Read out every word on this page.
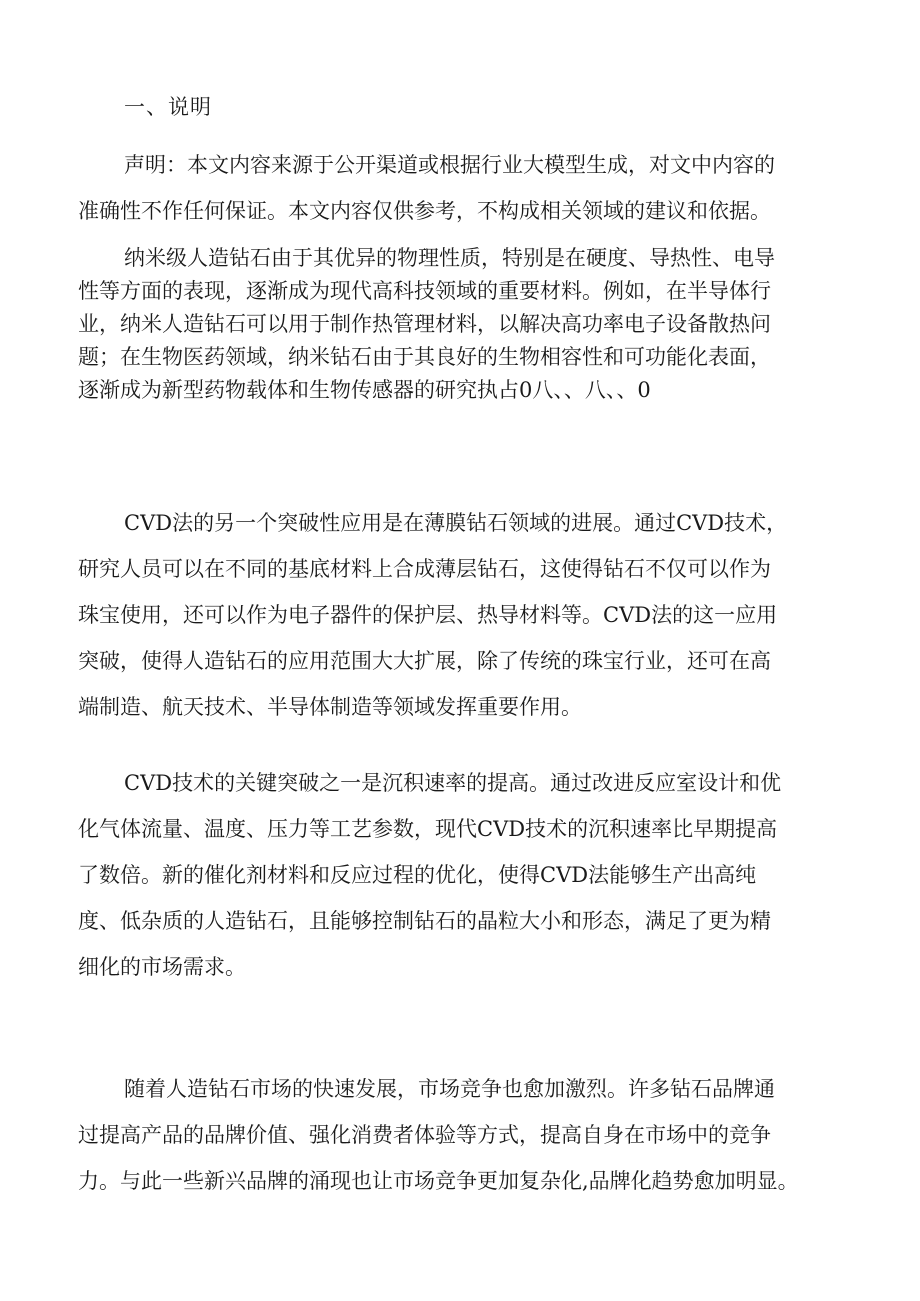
一、说明
声明：本文内容来源于公开渠道或根据行业大模型生成，对文中内容的
准确性不作任何保证。本文内容仅供参考，不构成相关领域的建议和依据。
纳米级人造钻石由于其优异的物理性质，特别是在硬度、导热性、电导
性等方面的表现，逐渐成为现代高科技领域的重要材料。例如，在半导体行
业，纳米人造钻石可以用于制作热管理材料，以解决高功率电子设备散热问
题；在生物医药领域，纳米钻石由于其良好的生物相容性和可功能化表面，
逐渐成为新型药物载体和生物传感器的研究执占0八、、八、、0
CVD法的另一个突破性应用是在薄膜钻石领域的进展。通过CVD技术，
研究人员可以在不同的基底材料上合成薄层钻石，这使得钻石不仅可以作为
珠宝使用，还可以作为电子器件的保护层、热导材料等。CVD法的这一应用
突破，使得人造钻石的应用范围大大扩展，除了传统的珠宝行业，还可在高
端制造、航天技术、半导体制造等领域发挥重要作用。
CVD技术的关键突破之一是沉积速率的提高。通过改进反应室设计和优
化气体流量、温度、压力等工艺参数，现代CVD技术的沉积速率比早期提高
了数倍。新的催化剂材料和反应过程的优化，使得CVD法能够生产出高纯
度、低杂质的人造钻石，且能够控制钻石的晶粒大小和形态，满足了更为精
细化的市场需求。
随着人造钻石市场的快速发展，市场竞争也愈加激烈。许多钻石品牌通
过提高产品的品牌价值、强化消费者体验等方式，提高自身在市场中的竞争
力。与此一些新兴品牌的涌现也让市场竞争更加复杂化,品牌化趋势愈加明显。
